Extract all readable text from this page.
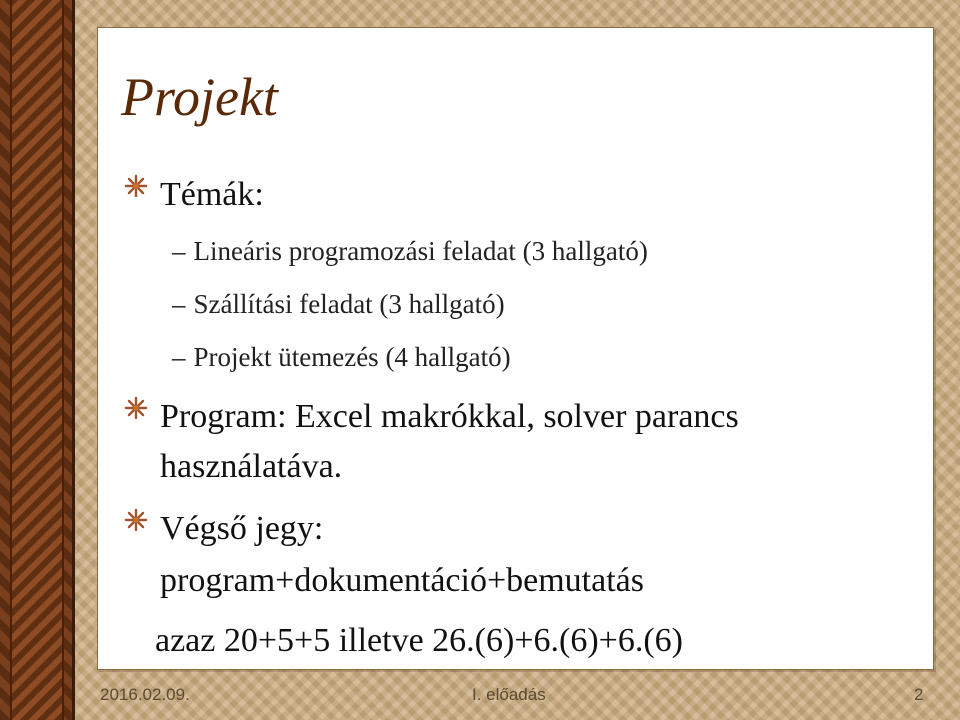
Projekt
Témák:
– Lineáris programozási feladat (3 hallgató)
– Szállítási feladat (3 hallgató)
– Projekt ütemezés (4 hallgató)
Program: Excel makrókkal, solver parancs
használatáva.
Végső jegy:
program+dokumentáció+bemutatás
azaz 20+5+5 illetve 26.(6)+6.(6)+6.(6)
2016.02.09.	I. előadás	2
